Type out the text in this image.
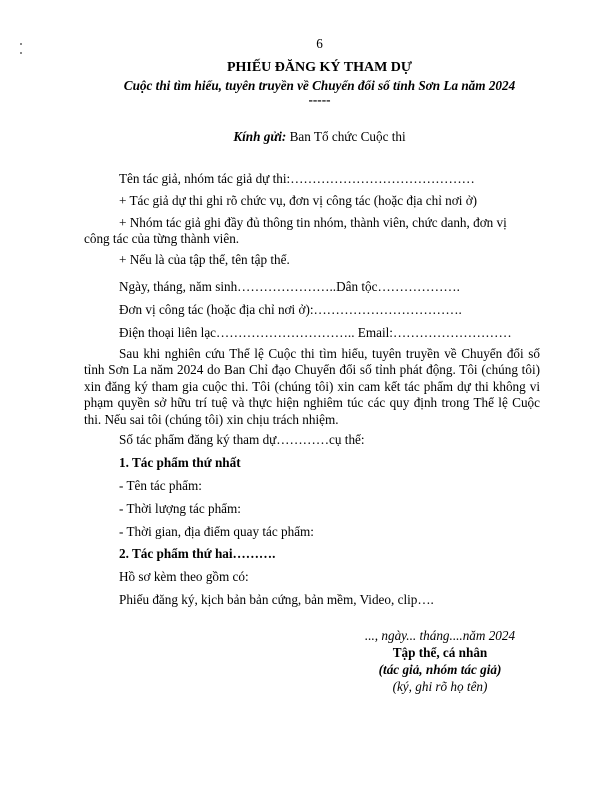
6
PHIẾU ĐĂNG KÝ THAM DỰ
Cuộc thi tìm hiểu, tuyên truyền về Chuyển đổi số tỉnh Sơn La năm 2024
-----
Kính gửi: Ban Tổ chức Cuộc thi
Tên tác giả, nhóm tác giả dự thi:……………………………………
+ Tác giả dự thi ghi rõ chức vụ, đơn vị công tác (hoặc địa chỉ nơi ở)
+ Nhóm tác giả ghi đầy đủ thông tin nhóm, thành viên, chức danh, đơn vị
công tác của từng thành viên.
+ Nếu là của tập thể, tên tập thể.
Ngày, tháng, năm sinh…………………..Dân tộc……………….
Đơn vị công tác (hoặc địa chỉ nơi ở):…………………………….
Điện thoại liên lạc………………………….. Email:………………………
Sau khi nghiên cứu Thể lệ Cuộc thi tìm hiểu, tuyên truyền về Chuyển đổi số tỉnh Sơn La năm 2024 do Ban Chỉ đạo Chuyển đổi số tỉnh phát động. Tôi (chúng tôi) xin đăng ký tham gia cuộc thi. Tôi (chúng tôi) xin cam kết tác phẩm dự thi không vi phạm quyền sở hữu trí tuệ và thực hiện nghiêm túc các quy định trong Thể lệ Cuộc thi. Nếu sai tôi (chúng tôi) xin chịu trách nhiệm.
Số tác phẩm đăng ký tham dự…………cụ thể:
1. Tác phẩm thứ nhất
- Tên tác phẩm:
- Thời lượng tác phẩm:
- Thời gian, địa điểm quay tác phẩm:
2. Tác phẩm thứ hai……….
Hồ sơ kèm theo gồm có:
Phiếu đăng ký, kịch bản bản cứng, bản mềm, Video, clip….
..., ngày... tháng....năm 2024
Tập thể, cá nhân
(tác giả, nhóm tác giả)
(ký, ghi rõ họ tên)
